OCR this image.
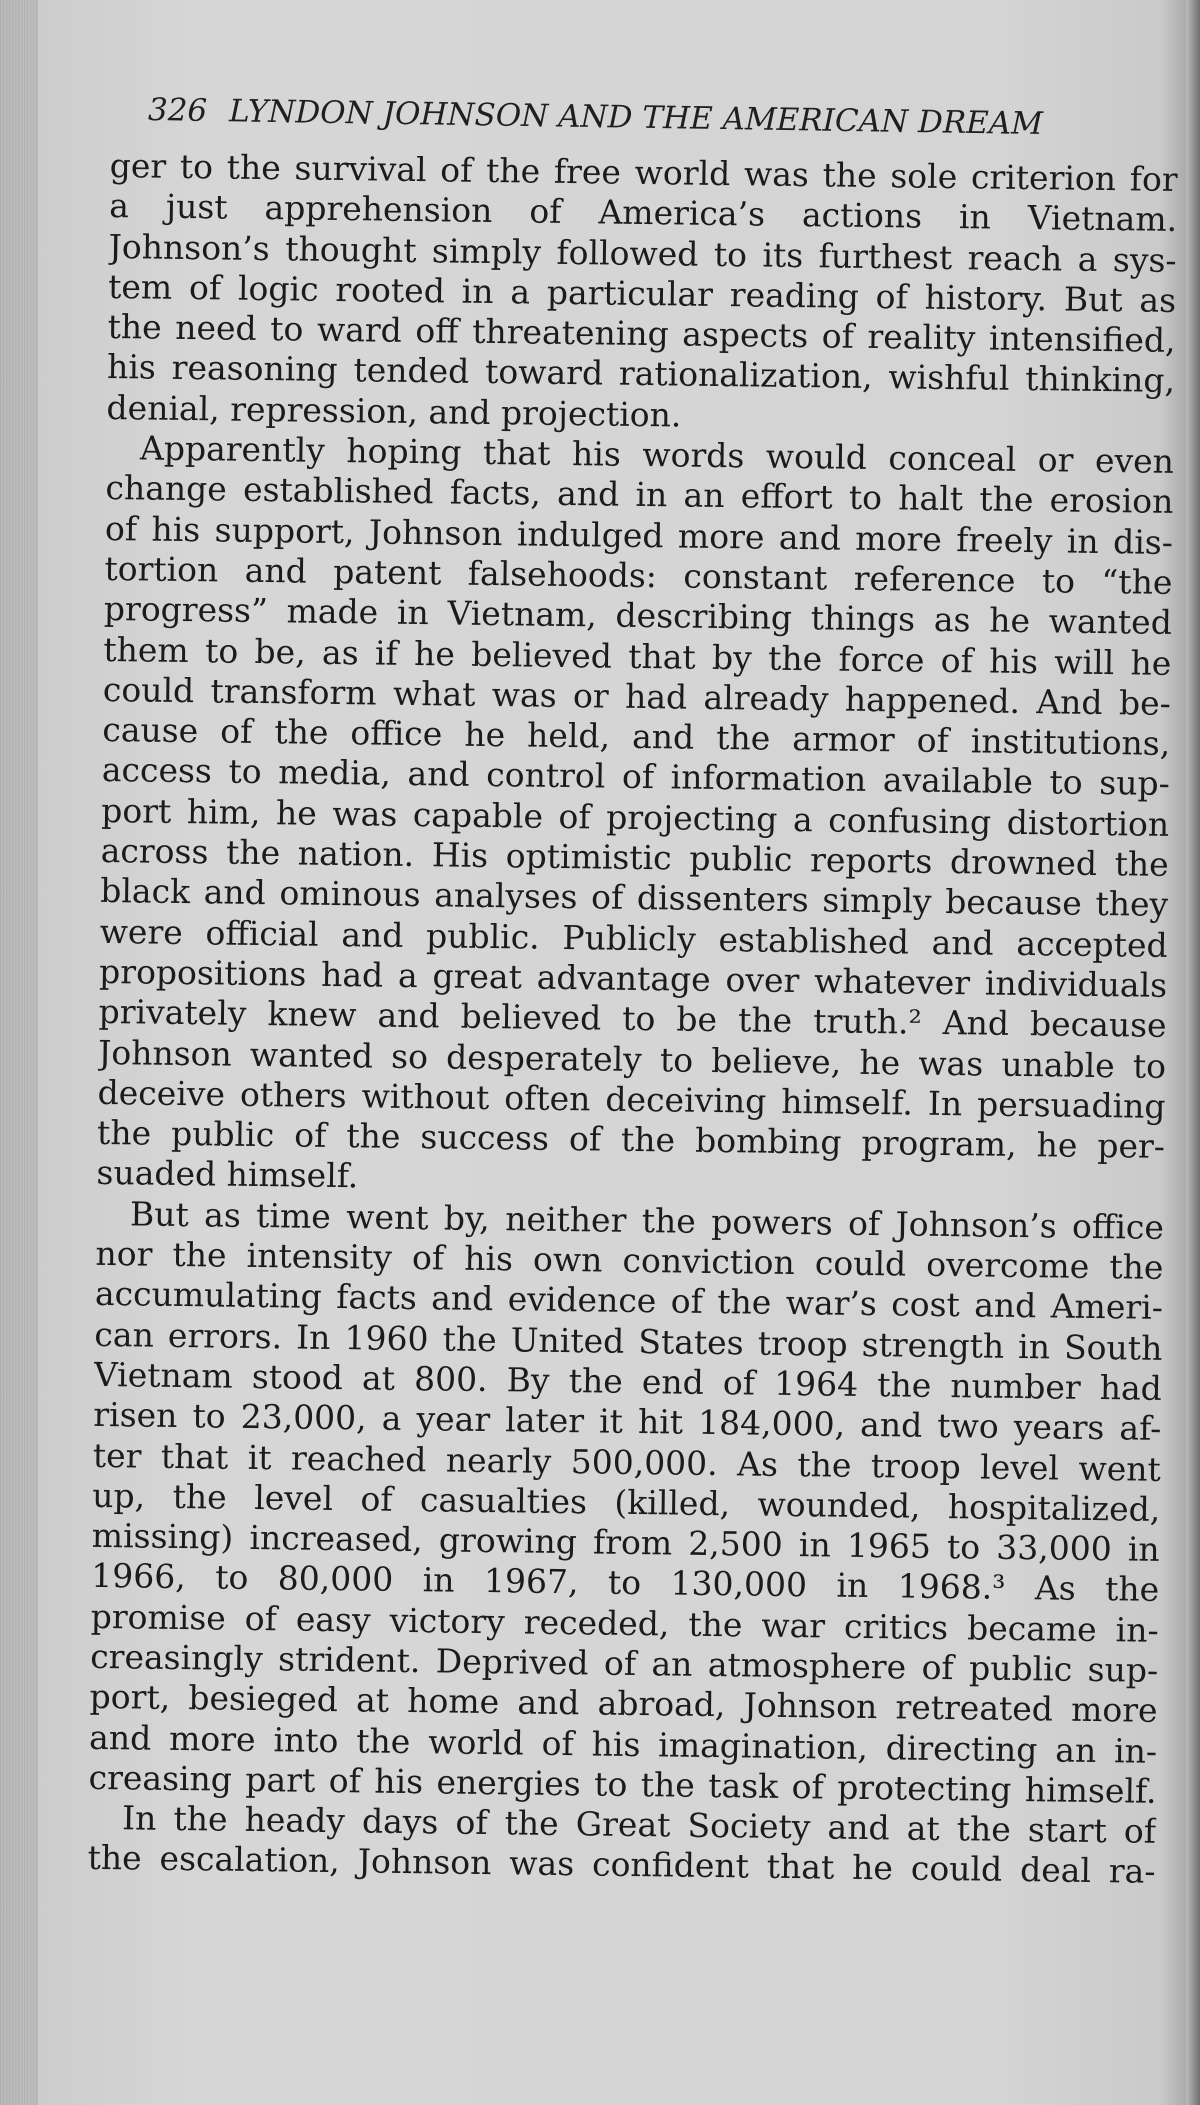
326 LYNDON JOHNSON AND THE AMERICAN DREAM
ger to the survival of the free world was the sole criterion for
a just apprehension of America’s actions in Vietnam.
Johnson’s thought simply followed to its furthest reach a sys-
tem of logic rooted in a particular reading of history. But as
the need to ward off threatening aspects of reality intensified,
his reasoning tended toward rationalization, wishful thinking,
denial, repression, and projection.
Apparently hoping that his words would conceal or even
change established facts, and in an effort to halt the erosion
of his support, Johnson indulged more and more freely in dis-
tortion and patent falsehoods: constant reference to “the
progress” made in Vietnam, describing things as he wanted
them to be, as if he believed that by the force of his will he
could transform what was or had already happened. And be-
cause of the office he held, and the armor of institutions,
access to media, and control of information available to sup-
port him, he was capable of projecting a confusing distortion
across the nation. His optimistic public reports drowned the
black and ominous analyses of dissenters simply because they
were official and public. Publicly established and accepted
propositions had a great advantage over whatever individuals
privately knew and believed to be the truth.² And because
Johnson wanted so desperately to believe, he was unable to
deceive others without often deceiving himself. In persuading
the public of the success of the bombing program, he per-
suaded himself.
But as time went by, neither the powers of Johnson’s office
nor the intensity of his own conviction could overcome the
accumulating facts and evidence of the war’s cost and Ameri-
can errors. In 1960 the United States troop strength in South
Vietnam stood at 800. By the end of 1964 the number had
risen to 23,000, a year later it hit 184,000, and two years af-
ter that it reached nearly 500,000. As the troop level went
up, the level of casualties (killed, wounded, hospitalized,
missing) increased, growing from 2,500 in 1965 to 33,000 in
1966, to 80,000 in 1967, to 130,000 in 1968.³ As the
promise of easy victory receded, the war critics became in-
creasingly strident. Deprived of an atmosphere of public sup-
port, besieged at home and abroad, Johnson retreated more
and more into the world of his imagination, directing an in-
creasing part of his energies to the task of protecting himself.
In the heady days of the Great Society and at the start of
the escalation, Johnson was confident that he could deal ra-
